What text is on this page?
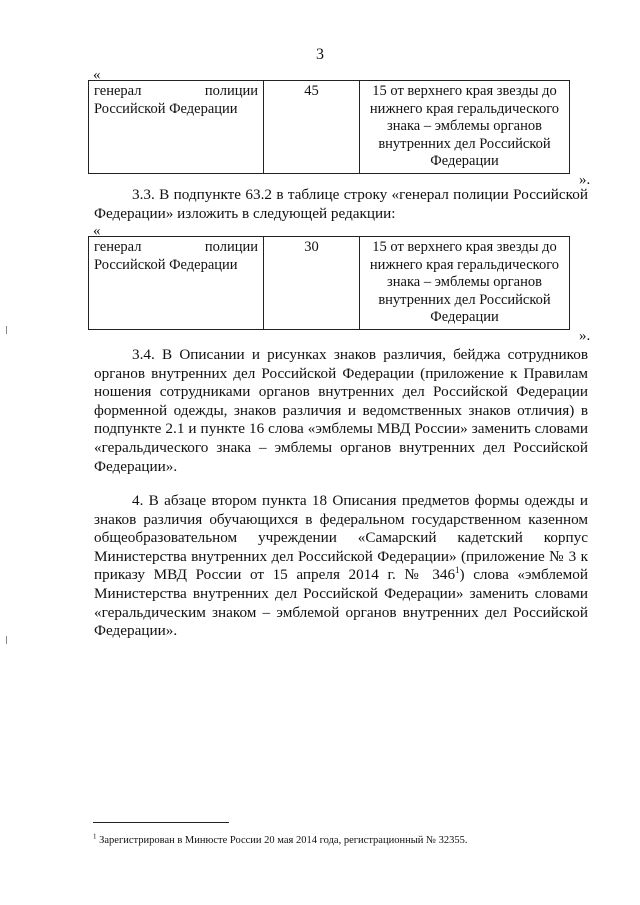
3
«
генерал полиции Российской Федерации	45	15 от верхнего края звезды до нижнего края геральдического знака – эмблемы органов внутренних дел Российской Федерации
».

3.3. В подпункте 63.2 в таблице строку «генерал полиции Российской Федерации» изложить в следующей редакции:

«
генерал полиции Российской Федерации	30	15 от верхнего края звезды до нижнего края геральдического знака – эмблемы органов внутренних дел Российской Федерации
».

3.4. В Описании и рисунках знаков различия, бейджа сотрудников органов внутренних дел Российской Федерации (приложение к Правилам ношения сотрудниками органов внутренних дел Российской Федерации форменной одежды, знаков различия и ведомственных знаков отличия) в подпункте 2.1 и пункте 16 слова «эмблемы МВД России» заменить словами «геральдического знака – эмблемы органов внутренних дел Российской Федерации».

4. В абзаце втором пункта 18 Описания предметов формы одежды и знаков различия обучающихся в федеральном государственном казенном общеобразовательном учреждении «Самарский кадетский корпус Министерства внутренних дел Российской Федерации» (приложение № 3 к приказу МВД России от 15 апреля 2014 г. № $346^1$) слова «эмблемой Министерства внутренних дел Российской Федерации» заменить словами «геральдическим знаком – эмблемой органов внутренних дел Российской Федерации».

$^1$ Зарегистрирован в Минюсте России 20 мая 2014 года, регистрационный № 32355.
